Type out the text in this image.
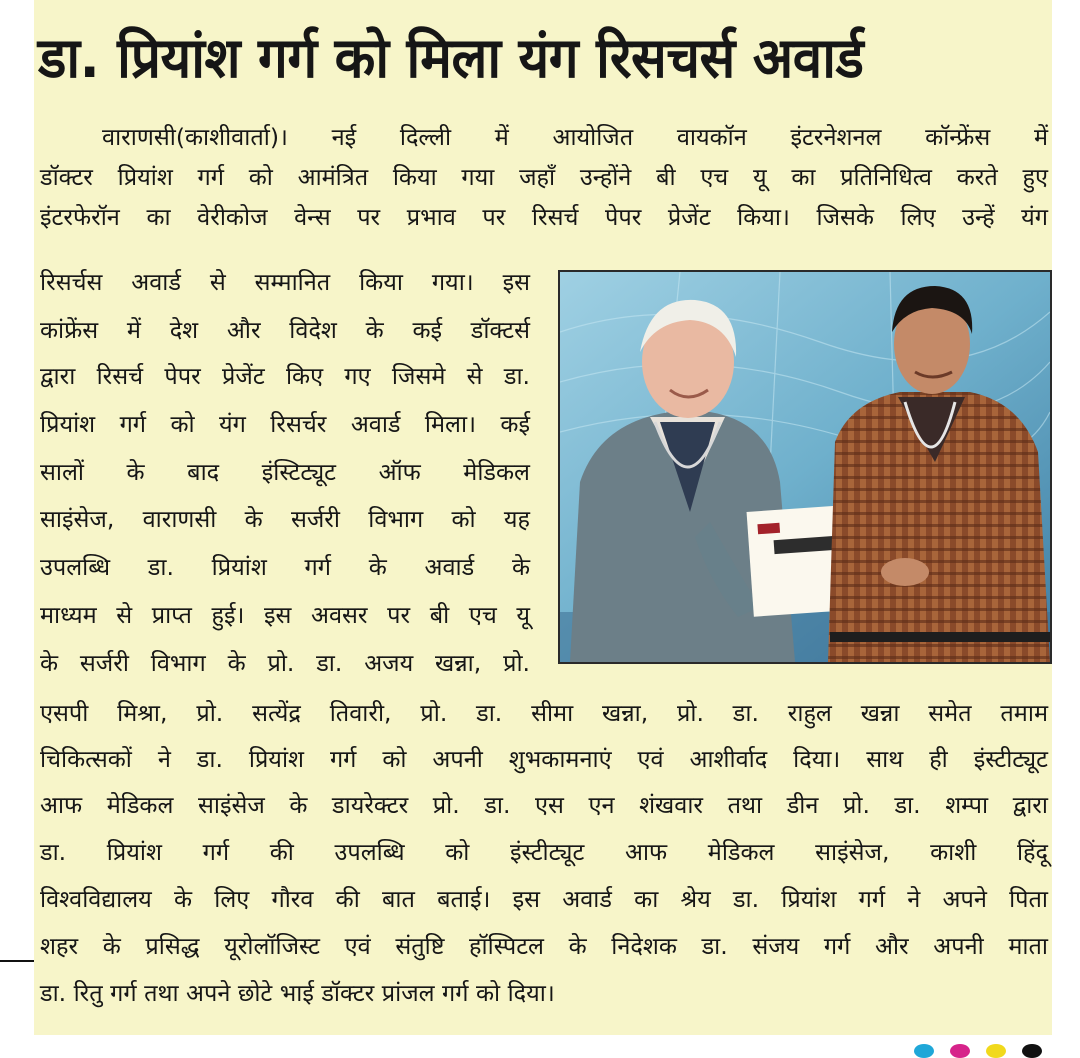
डा. प्रियांश गर्ग को मिला यंग रिसचर्स अवार्ड

वाराणसी(काशीवार्ता)। नई दिल्ली में आयोजित वायकॉन इंटरनेशनल कॉन्फ्रेंस में

डॉक्टर प्रियांश गर्ग को आमंत्रित किया गया जहाँ उन्होंने बी एच यू का प्रतिनिधित्व करते हुए

इंटरफेरॉन का वेरीकोज वेन्स पर प्रभाव पर रिसर्च पेपर प्रेजेंट किया। जिसके लिए उन्हें यंग

रिसर्चस अवार्ड से सम्मानित किया गया। इस

कांफ्रेंस में देश और विदेश के कई डॉक्टर्स

द्वारा रिसर्च पेपर प्रेजेंट किए गए जिसमे से डा.

प्रियांश गर्ग को यंग रिसर्चर अवार्ड मिला। कई

सालों के बाद इंस्टिट्यूट ऑफ मेडिकल

साइंसेज, वाराणसी के सर्जरी विभाग को यह

उपलब्धि डा. प्रियांश गर्ग के अवार्ड के

माध्यम से प्राप्त हुई। इस अवसर पर बी एच यू

के सर्जरी विभाग के प्रो. डा. अजय खन्ना, प्रो.

एसपी मिश्रा, प्रो. सत्येंद्र तिवारी, प्रो. डा. सीमा खन्ना, प्रो. डा. राहुल खन्ना समेत तमाम

चिकित्सकों ने डा. प्रियांश गर्ग को अपनी शुभकामनाएं एवं आशीर्वाद दिया। साथ ही इंस्टीट्यूट

आफ मेडिकल साइंसेज के डायरेक्टर प्रो. डा. एस एन शंखवार तथा डीन प्रो. डा. शम्पा द्वारा

डा. प्रियांश गर्ग की उपलब्धि को इंस्टीट्यूट आफ मेडिकल साइंसेज, काशी हिंदू

विश्वविद्यालय के लिए गौरव की बात बताई। इस अवार्ड का श्रेय डा. प्रियांश गर्ग ने अपने पिता

शहर के प्रसिद्ध यूरोलॉजिस्ट एवं संतुष्टि हॉस्पिटल के निदेशक डा. संजय गर्ग और अपनी माता

डा. रितु गर्ग तथा अपने छोटे भाई डॉक्टर प्रांजल गर्ग को दिया।
